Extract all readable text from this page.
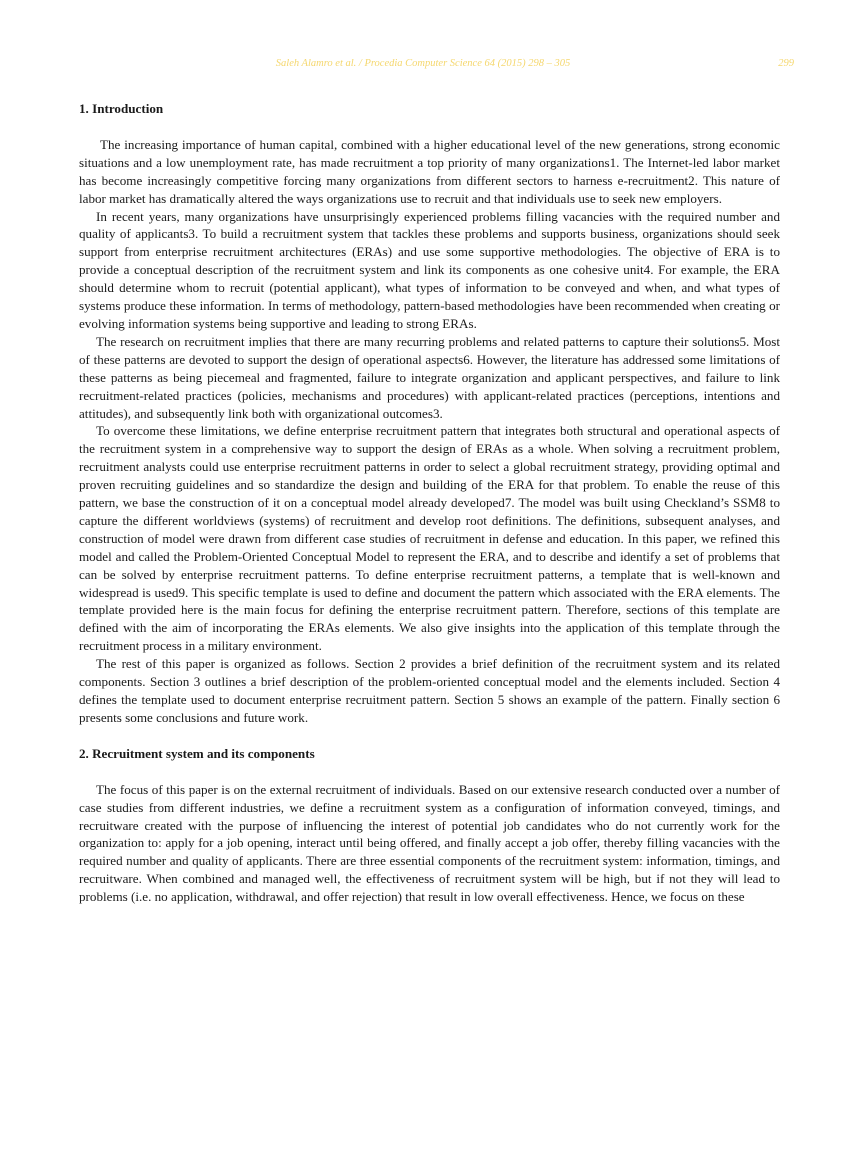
Saleh Alamro et al. / Procedia Computer Science 64 (2015) 298 – 305	299
1. Introduction

The increasing importance of human capital, combined with a higher educational level of the new generations, strong economic situations and a low unemployment rate, has made recruitment a top priority of many organizations1. The Internet-led labor market has become increasingly competitive forcing many organizations from different sectors to harness e-recruitment2. This nature of labor market has dramatically altered the ways organizations use to recruit and that individuals use to seek new employers.

In recent years, many organizations have unsurprisingly experienced problems filling vacancies with the required number and quality of applicants3. To build a recruitment system that tackles these problems and supports business, organizations should seek support from enterprise recruitment architectures (ERAs) and use some supportive methodologies. The objective of ERA is to provide a conceptual description of the recruitment system and link its components as one cohesive unit4. For example, the ERA should determine whom to recruit (potential applicant), what types of information to be conveyed and when, and what types of systems produce these information. In terms of methodology, pattern-based methodologies have been recommended when creating or evolving information systems being supportive and leading to strong ERAs.

The research on recruitment implies that there are many recurring problems and related patterns to capture their solutions5. Most of these patterns are devoted to support the design of operational aspects6. However, the literature has addressed some limitations of these patterns as being piecemeal and fragmented, failure to integrate organization and applicant perspectives, and failure to link recruitment-related practices (policies, mechanisms and procedures) with applicant-related practices (perceptions, intentions and attitudes), and subsequently link both with organizational outcomes3.

To overcome these limitations, we define enterprise recruitment pattern that integrates both structural and operational aspects of the recruitment system in a comprehensive way to support the design of ERAs as a whole. When solving a recruitment problem, recruitment analysts could use enterprise recruitment patterns in order to select a global recruitment strategy, providing optimal and proven recruiting guidelines and so standardize the design and building of the ERA for that problem. To enable the reuse of this pattern, we base the construction of it on a conceptual model already developed7. The model was built using Checkland’s SSM8 to capture the different worldviews (systems) of recruitment and develop root definitions. The definitions, subsequent analyses, and construction of model were drawn from different case studies of recruitment in defense and education. In this paper, we refined this model and called the Problem-Oriented Conceptual Model to represent the ERA, and to describe and identify a set of problems that can be solved by enterprise recruitment patterns. To define enterprise recruitment patterns, a template that is well-known and widespread is used9. This specific template is used to define and document the pattern which associated with the ERA elements. The template provided here is the main focus for defining the enterprise recruitment pattern. Therefore, sections of this template are defined with the aim of incorporating the ERAs elements. We also give insights into the application of this template through the recruitment process in a military environment.

The rest of this paper is organized as follows. Section 2 provides a brief definition of the recruitment system and its related components. Section 3 outlines a brief description of the problem-oriented conceptual model and the elements included. Section 4 defines the template used to document enterprise recruitment pattern. Section 5 shows an example of the pattern. Finally section 6 presents some conclusions and future work.

2. Recruitment system and its components

The focus of this paper is on the external recruitment of individuals. Based on our extensive research conducted over a number of case studies from different industries, we define a recruitment system as a configuration of information conveyed, timings, and recruitware created with the purpose of influencing the interest of potential job candidates who do not currently work for the organization to: apply for a job opening, interact until being offered, and finally accept a job offer, thereby filling vacancies with the required number and quality of applicants. There are three essential components of the recruitment system: information, timings, and recruitware. When combined and managed well, the effectiveness of recruitment system will be high, but if not they will lead to problems (i.e. no application, withdrawal, and offer rejection) that result in low overall effectiveness. Hence, we focus on these
